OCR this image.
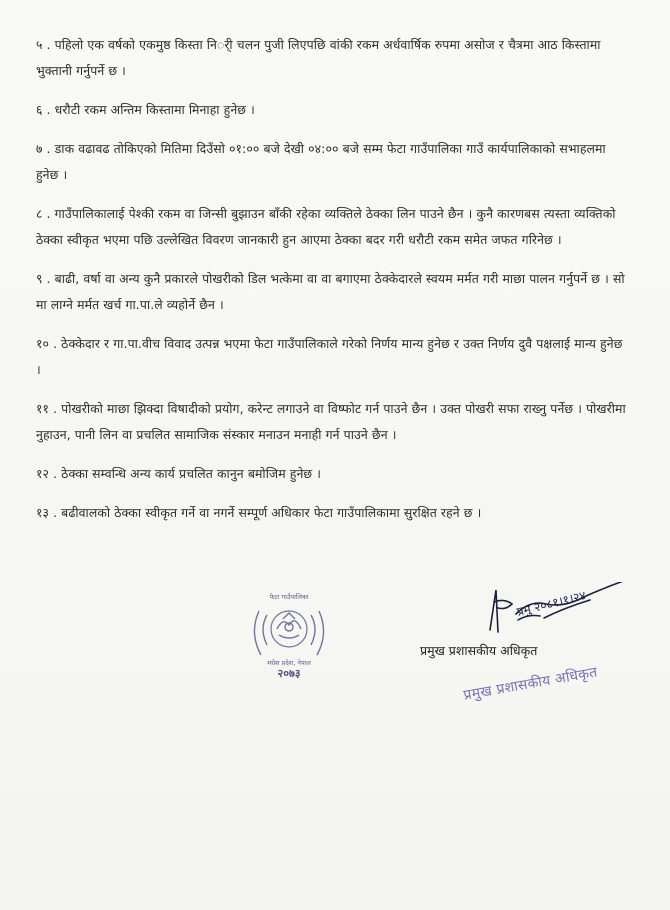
५ . पहिलो एक वर्षको एकमुष्ठ किस्ता निर्ी चलन पुजी लिएपछि वांकी रकम अर्धवार्षिक रुपमा असोज र चैत्रमा आठ किस्तामा भुक्तानी गर्नुपर्ने छ ।
६ . धरौटी रकम अन्तिम किस्तामा मिनाहा हुनेछ ।
७ . डाक वढावढ तोकिएको मितिमा दिउँसो ०१:०० बजे देखी ०४:०० बजे सम्म फेटा गाउँपालिका गाउँ कार्यपालिकाको सभाहलमा हुनेछ ।
८ . गाउँपालिकालाई पेश्की रकम वा जिन्सी बुझाउन बाँकी रहेका व्यक्तिले ठेक्का लिन पाउने छैन । कुनै कारणबस त्यस्ता व्यक्तिको ठेक्का स्वीकृत भएमा पछि उल्लेखित विवरण जानकारी हुन आएमा ठेक्का बदर गरी धरौटी रकम समेत जफत गरिनेछ ।
९ . बाढी, वर्षा वा अन्य कुनै प्रकारले पोखरीको डिल भत्केमा वा वा बगाएमा ठेक्केदारले स्वयम मर्मत गरी माछा पालन गर्नुपर्ने छ । सो मा लाग्ने मर्मत खर्च गा.पा.ले व्यहोर्ने छैन ।
१० . ठेक्केदार र गा.पा.वीच विवाद उत्पन्न भएमा फेटा गाउँपालिकाले गरेको निर्णय मान्य हुनेछ र उक्त निर्णय दुवै पक्षलाई मान्य हुनेछ ।
११ . पोखरीको माछा झिक्दा विषादीको प्रयोग, करेन्ट लगाउने वा विष्फोट गर्न पाउने छैन । उक्त पोखरी सफा राख्नु पर्नेछ । पोखरीमा नुहाउन, पानी लिन वा प्रचलित सामाजिक संस्कार मनाउन मनाही गर्न पाउने छैन ।
१२ . ठेक्का सम्वन्धि अन्य कार्य प्रचलित कानुन बमोजिम हुनेछ ।
१३ . बढीवालको ठेक्का स्वीकृत गर्ने वा नगर्ने सम्पूर्ण अधिकार फेटा गाउँपालिकामा सुरक्षित रहने छ ।
२०७३
मधेश प्रदेश, नेपाल
फेटा गाउँपालिका	प्रमु २०८१।१।२४
प्रमुख प्रशासकीय अधिकृत
प्रमुख प्रशासकीय अधिकृत
